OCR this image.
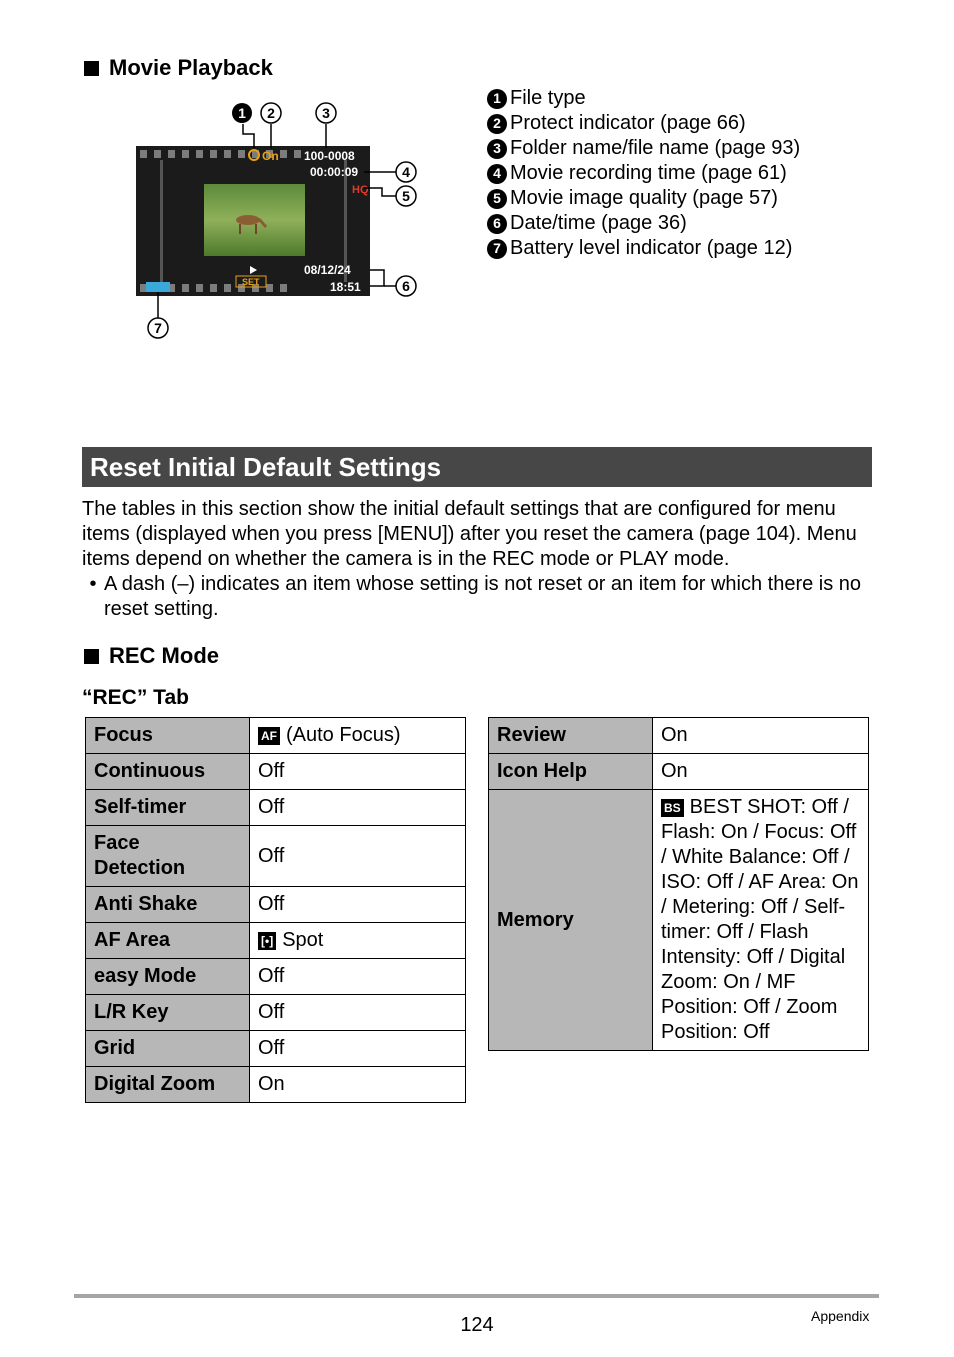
Movie Playback
On 100-0008
00:00:09
HQ
SET
08/12/24
18:51
1 2	3
4
5
6
7
1 File type
2 Protect indicator (page 66)
3 Folder name/file name (page 93)
4 Movie recording time (page 61)
5 Movie image quality (page 57)
6 Date/time (page 36)
7 Battery level indicator (page 12)
Reset Initial Default Settings
The tables in this section show the initial default settings that are configured for menu items (displayed when you press [MENU]) after you reset the camera (page 104). Menu items depend on whether the camera is in the REC mode or PLAY mode.
• A dash (–) indicates an item whose setting is not reset or an item for which there is no reset setting.
REC Mode
“REC” Tab
Focus	AF (Auto Focus)
Continuous	Off
Self-timer	Off
Face Detection	Off
Anti Shake	Off
AF Area	[•] Spot
easy Mode	Off
L/R Key	Off
Grid	Off
Digital Zoom	On
Review	On
Icon Help	On
Memory	BS BEST SHOT: Off / Flash: On / Focus: Off / White Balance: Off / ISO: Off / AF Area: On / Metering: Off / Self-timer: Off / Flash Intensity: Off / Digital Zoom: On / MF Position: Off / Zoom Position: Off
124	Appendix
